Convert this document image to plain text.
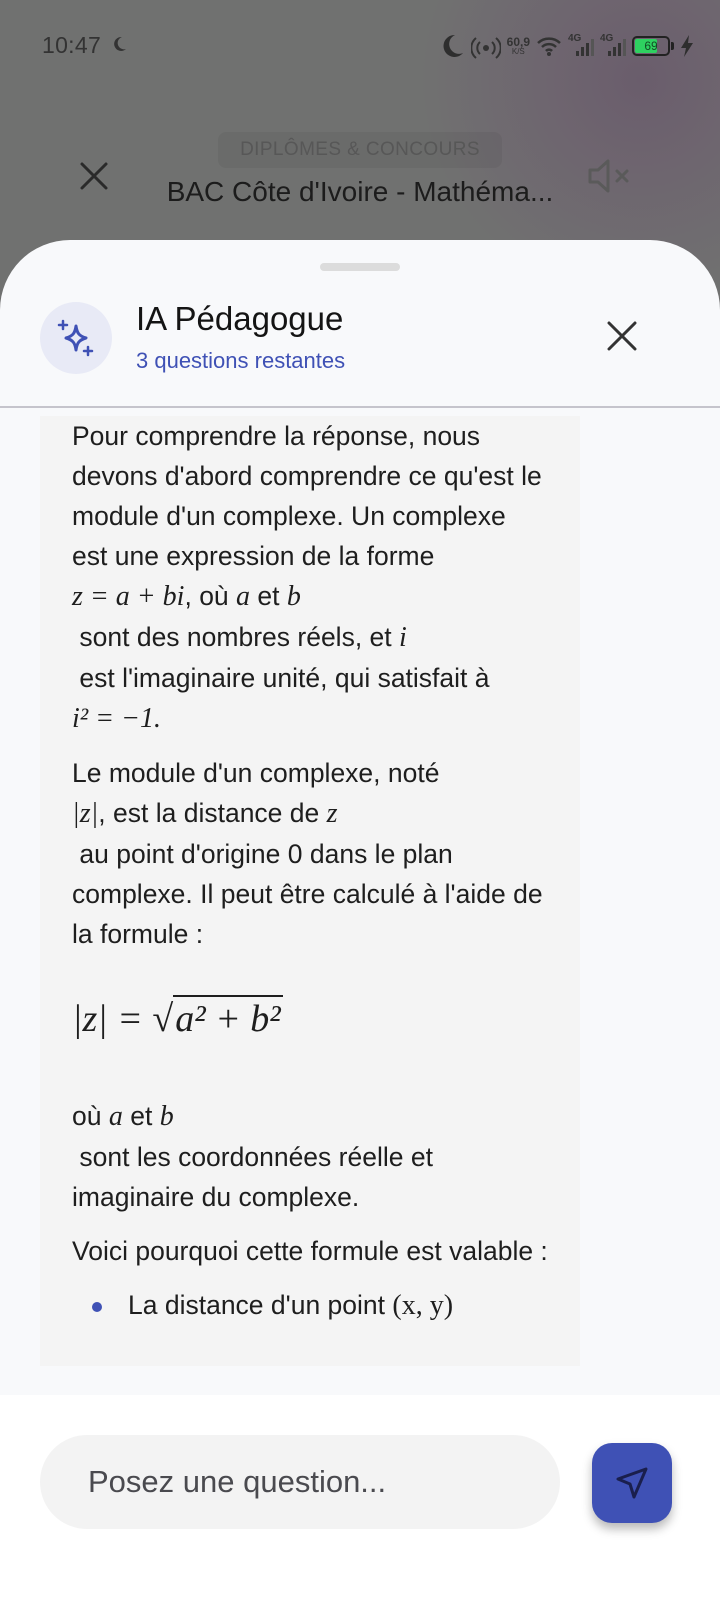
10:47	60,9
K/S
4G 4G
69
DIPLÔMES & CONCOURS
BAC Côte d'Ivoire - Mathéma...
IA Pédagogue
3 questions restantes

Pour comprendre la réponse, nous devons d'abord comprendre ce qu'est le module d'un complexe. Un complexe est une expression de la forme
z = a + bi, où a et b
sont des nombres réels, et i
est l'imaginaire unité, qui satisfait à
i² = −1.

Le module d'un complexe, noté
|z|, est la distance de z
au point d'origine 0 dans le plan complexe. Il peut être calculé à l'aide de la formule :

|z| = √a² + b²

où a et b
sont les coordonnées réelle et imaginaire du complexe.

Voici pourquoi cette formule est valable :

La distance d'un point (x, y)
Posez une question...
